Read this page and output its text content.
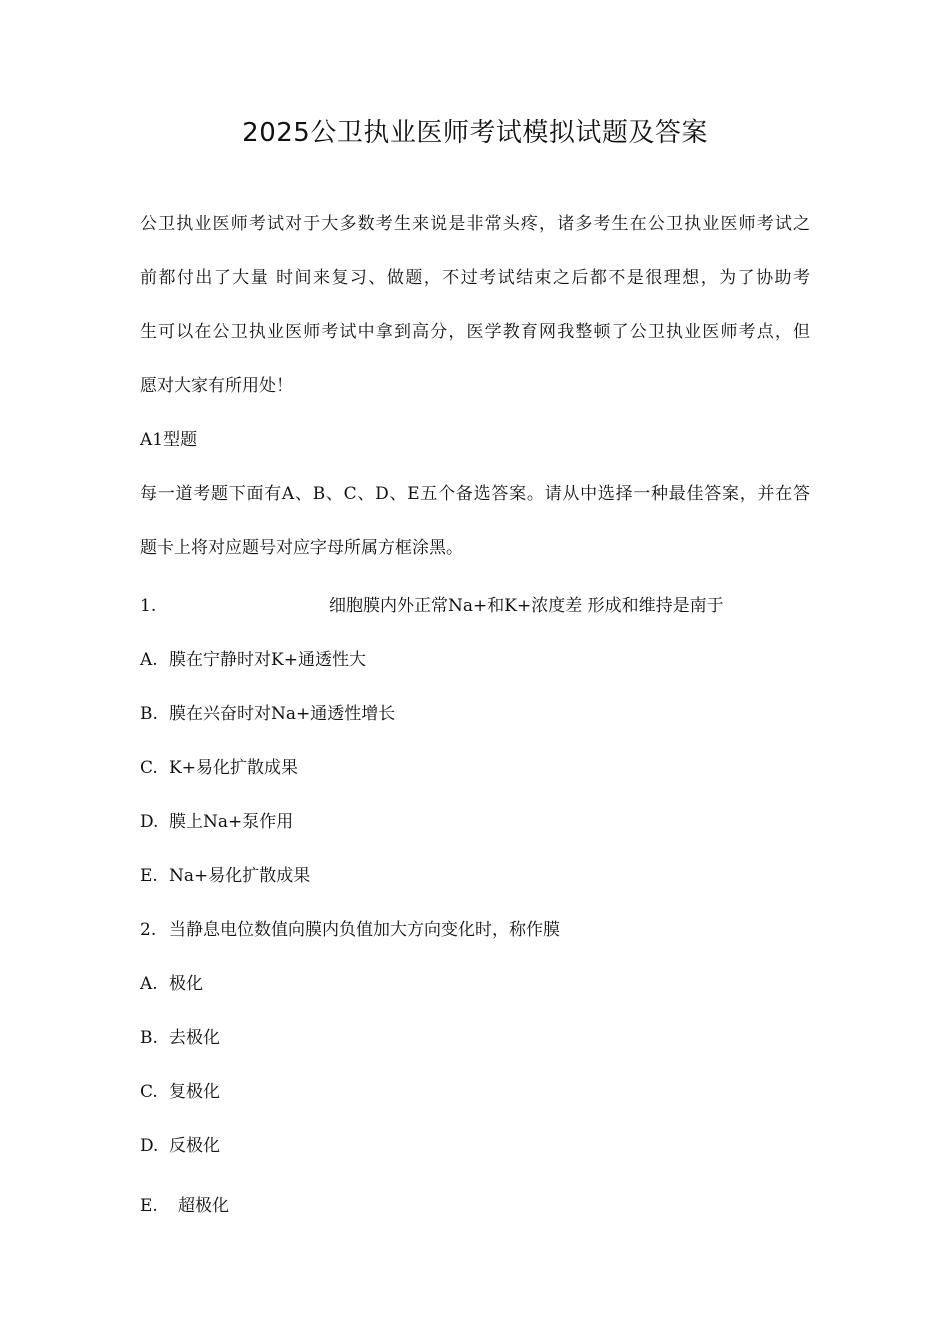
2025公卫执业医师考试模拟试题及答案
公卫执业医师考试对于大多数考生来说是非常头疼，诸多考生在公卫执业医师考试之
前都付出了大量 时间来复习、做题，不过考试结束之后都不是很理想，为了协助考
生可以在公卫执业医师考试中拿到高分，医学教育网我整顿了公卫执业医师考点，但
愿对大家有所用处！
A1型题
每一道考题下面有A、B、C、D、E五个备选答案。请从中选择一种最佳答案，并在答
题卡上将对应题号对应字母所属方框涂黑。
1.	细胞膜内外正常Na+和K+浓度差 形成和维持是南于
A. 膜在宁静时对K+通透性大
B. 膜在兴奋时对Na+通透性增长
C. K+易化扩散成果
D. 膜上Na+泵作用
E. Na+易化扩散成果
2. 当静息电位数值向膜内负值加大方向变化时，称作膜
A. 极化
B. 去极化
C. 复极化
D. 反极化
E. 超极化
